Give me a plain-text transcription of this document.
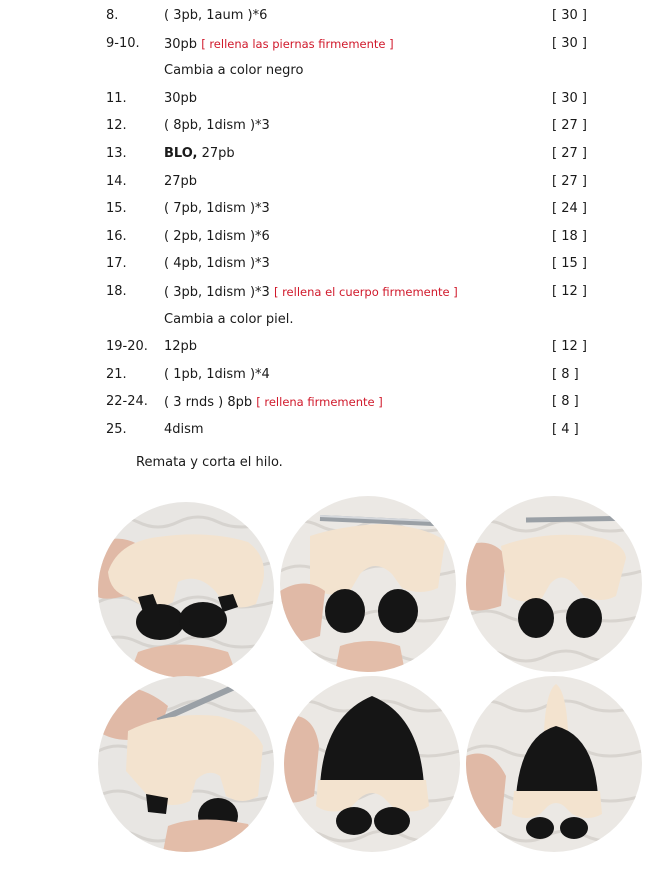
8.	( 3pb, 1aum )*6	[ 30 ]
9-10. 30pb [ rellena las piernas firmemente ]	[ 30 ]
Cambia a color negro
11.	30pb	[ 30 ]
12.	( 8pb, 1dism )*3	[ 27 ]
13.	BLO, 27pb	[ 27 ]
14.	27pb	[ 27 ]
15.	( 7pb, 1dism )*3	[ 24 ]
16.	( 2pb, 1dism )*6	[ 18 ]
17.	( 4pb, 1dism )*3	[ 15 ]
18.	( 3pb, 1dism )*3 [ rellena el cuerpo firmemente ]	[ 12 ]
Cambia a color piel.
19-20. 12pb	[ 12 ]
21.	( 1pb, 1dism )*4	[ 8 ]
22-24. ( 3 rnds ) 8pb [ rellena firmemente ]	[ 8 ]
25.	4dism	[ 4 ]
Remata y corta el hilo.
